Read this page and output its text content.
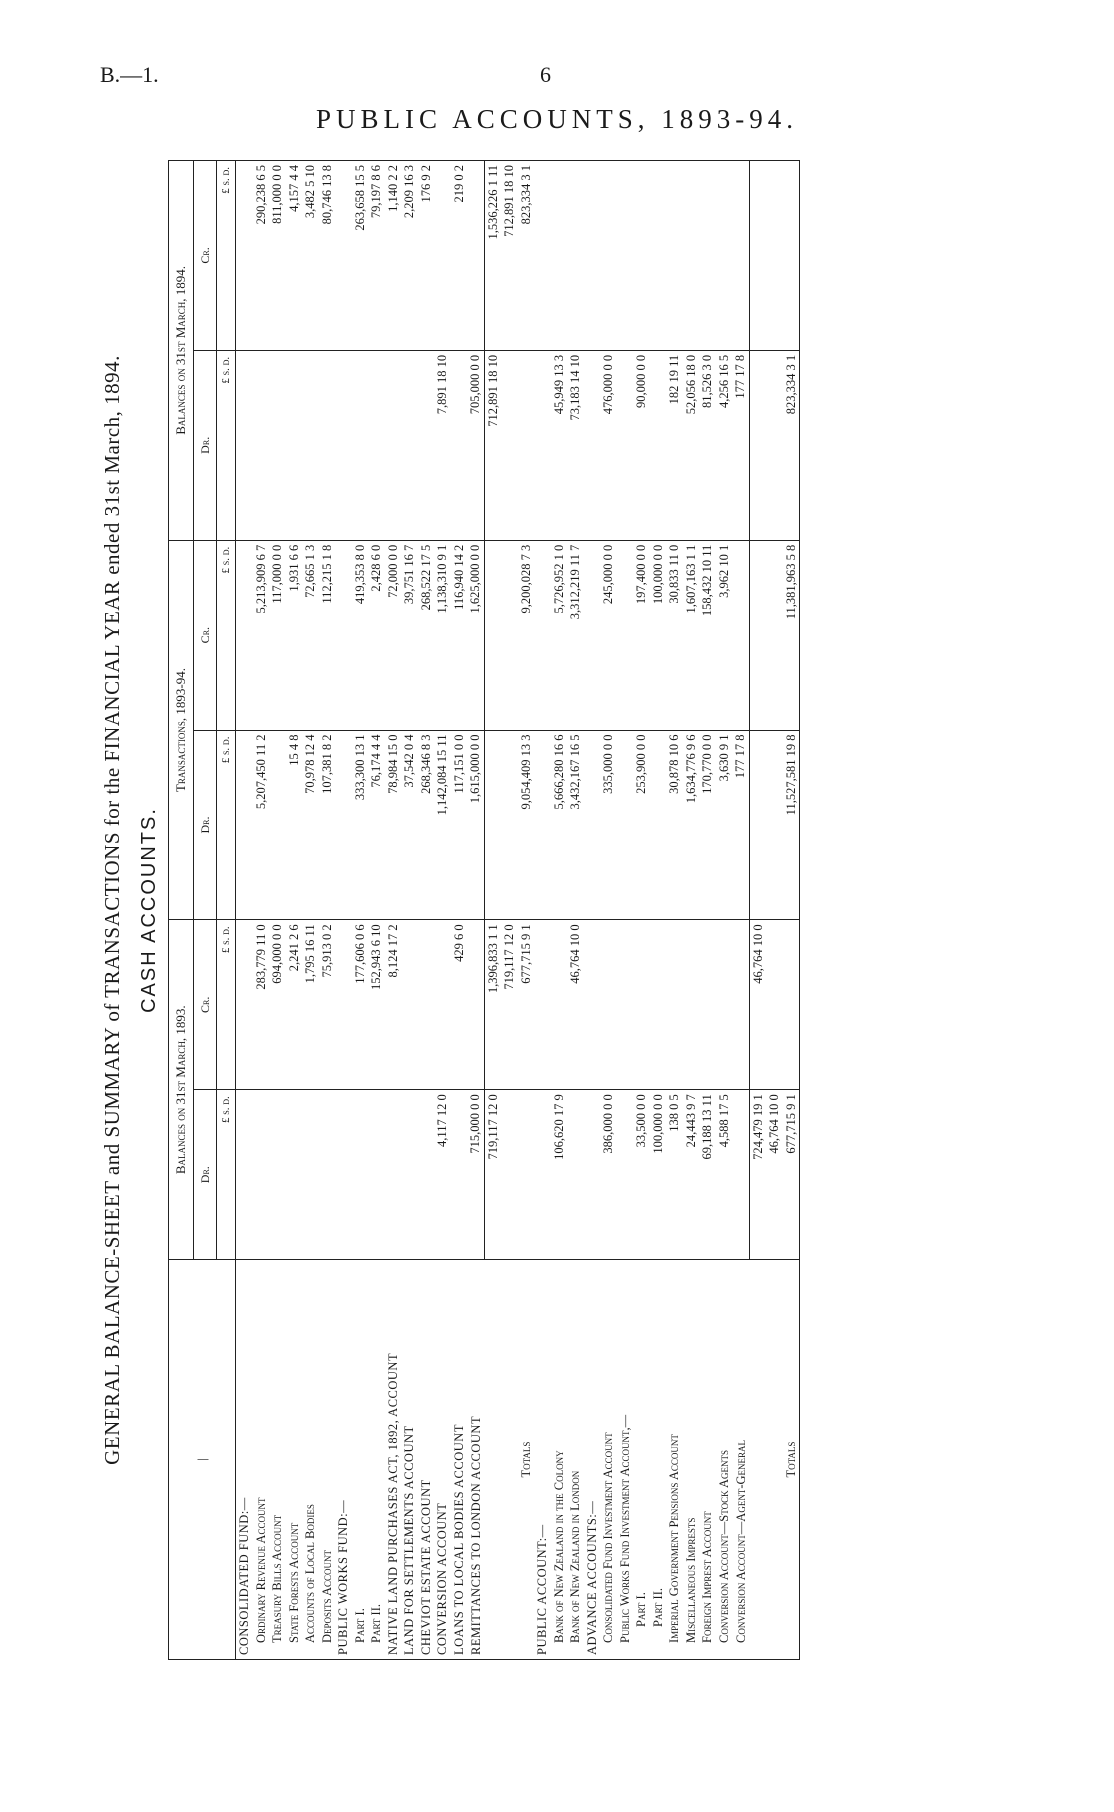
B.—1.	6
PUBLIC ACCOUNTS, 1893-94.
GENERAL BALANCE-SHEET and SUMMARY of TRANSACTIONS for the FINANCIAL YEAR ended 31st March, 1894. CASH ACCOUNTS.
|	Balances on 31st March, 1893.		Transactions, 1893-94.		Balances on 31st March, 1894.	
	Dr.	Cr.	Dr.	Cr.	Dr.	Cr.
	£ s. d.	£ s. d.	£ s. d.	£ s. d.	£ s. d.	£ s. d.
CONSOLIDATED FUND:—						
Ordinary Revenue Account		283,779 11 0	5,207,450 11 2	5,213,909 6 7		290,238 6 5
Treasury Bills Account		694,000 0 0		117,000 0 0		811,000 0 0
State Forests Account		2,241 2 6	15 4 8	1,931 6 6		4,157 4 4
Accounts of Local Bodies		1,795 16 11	70,978 12 4	72,665 1 3		3,482 5 10
Deposits Account		75,913 0 2	107,381 8 2	112,215 1 8		80,746 13 8
PUBLIC WORKS FUND:—						
Part I.		177,606 0 6	333,300 13 1	419,353 8 0		263,658 15 5
Part II.		152,943 6 10	76,174 4 4	2,428 6 0		79,197 8 6
NATIVE LAND PURCHASES ACT, 1892, ACCOUNT		8,124 17 2	78,984 15 0	72,000 0 0		1,140 2 2
LAND FOR SETTLEMENTS ACCOUNT			37,542 0 4	39,751 16 7		2,209 16 3
CHEVIOT ESTATE ACCOUNT			268,346 8 3	268,522 17 5		176 9 2
CONVERSION ACCOUNT	4,117 12 0		1,142,084 15 11	1,138,310 9 1	7,891 18 10	
LOANS TO LOCAL BODIES ACCOUNT		429 6 0	117,151 0 0	116,940 14 2		219 0 2
REMITTANCES TO LONDON ACCOUNT	715,000 0 0		1,615,000 0 0	1,625,000 0 0	705,000 0 0	
	719,117 12 0	1,396,833 1 1			712,891 18 10	1,536,226 1 11
		719,117 12 0				712,891 18 10
Totals		677,715 9 1	9,054,409 13 3	9,200,028 7 3		823,334 3 1
PUBLIC ACCOUNT:—						
Bank of New Zealand in the Colony	106,620 17 9		5,666,280 16 6	5,726,952 1 0	45,949 13 3	
Bank of New Zealand in London		46,764 10 0	3,432,167 16 5	3,312,219 11 7	73,183 14 10	
ADVANCE ACCOUNTS:—						
Consolidated Fund Investment Account	386,000 0 0		335,000 0 0	245,000 0 0	476,000 0 0	
Public Works Fund Investment Account,—						
Part I.	33,500 0 0		253,900 0 0	197,400 0 0	90,000 0 0	
Part II.	100,000 0 0			100,000 0 0		
Imperial Government Pensions Account	138 0 5		30,878 10 6	30,833 11 0	182 19 11	
Miscellaneous Imprests	24,443 9 7		1,634,776 9 6	1,607,163 1 1	52,056 18 0	
Foreign Imprest Account	69,188 13 11		170,770 0 0	158,432 10 11	81,526 3 0	
Conversion Account—Stock Agents	4,588 17 5		3,630 9 1	3,962 10 1	4,256 16 5	
Conversion Account—Agent-General			177 17 8		177 17 8	
	724,479 19 1	46,764 10 0				
	46,764 10 0					
Totals	677,715 9 1		11,527,581 19 8	11,381,963 5 8	823,334 3 1	
